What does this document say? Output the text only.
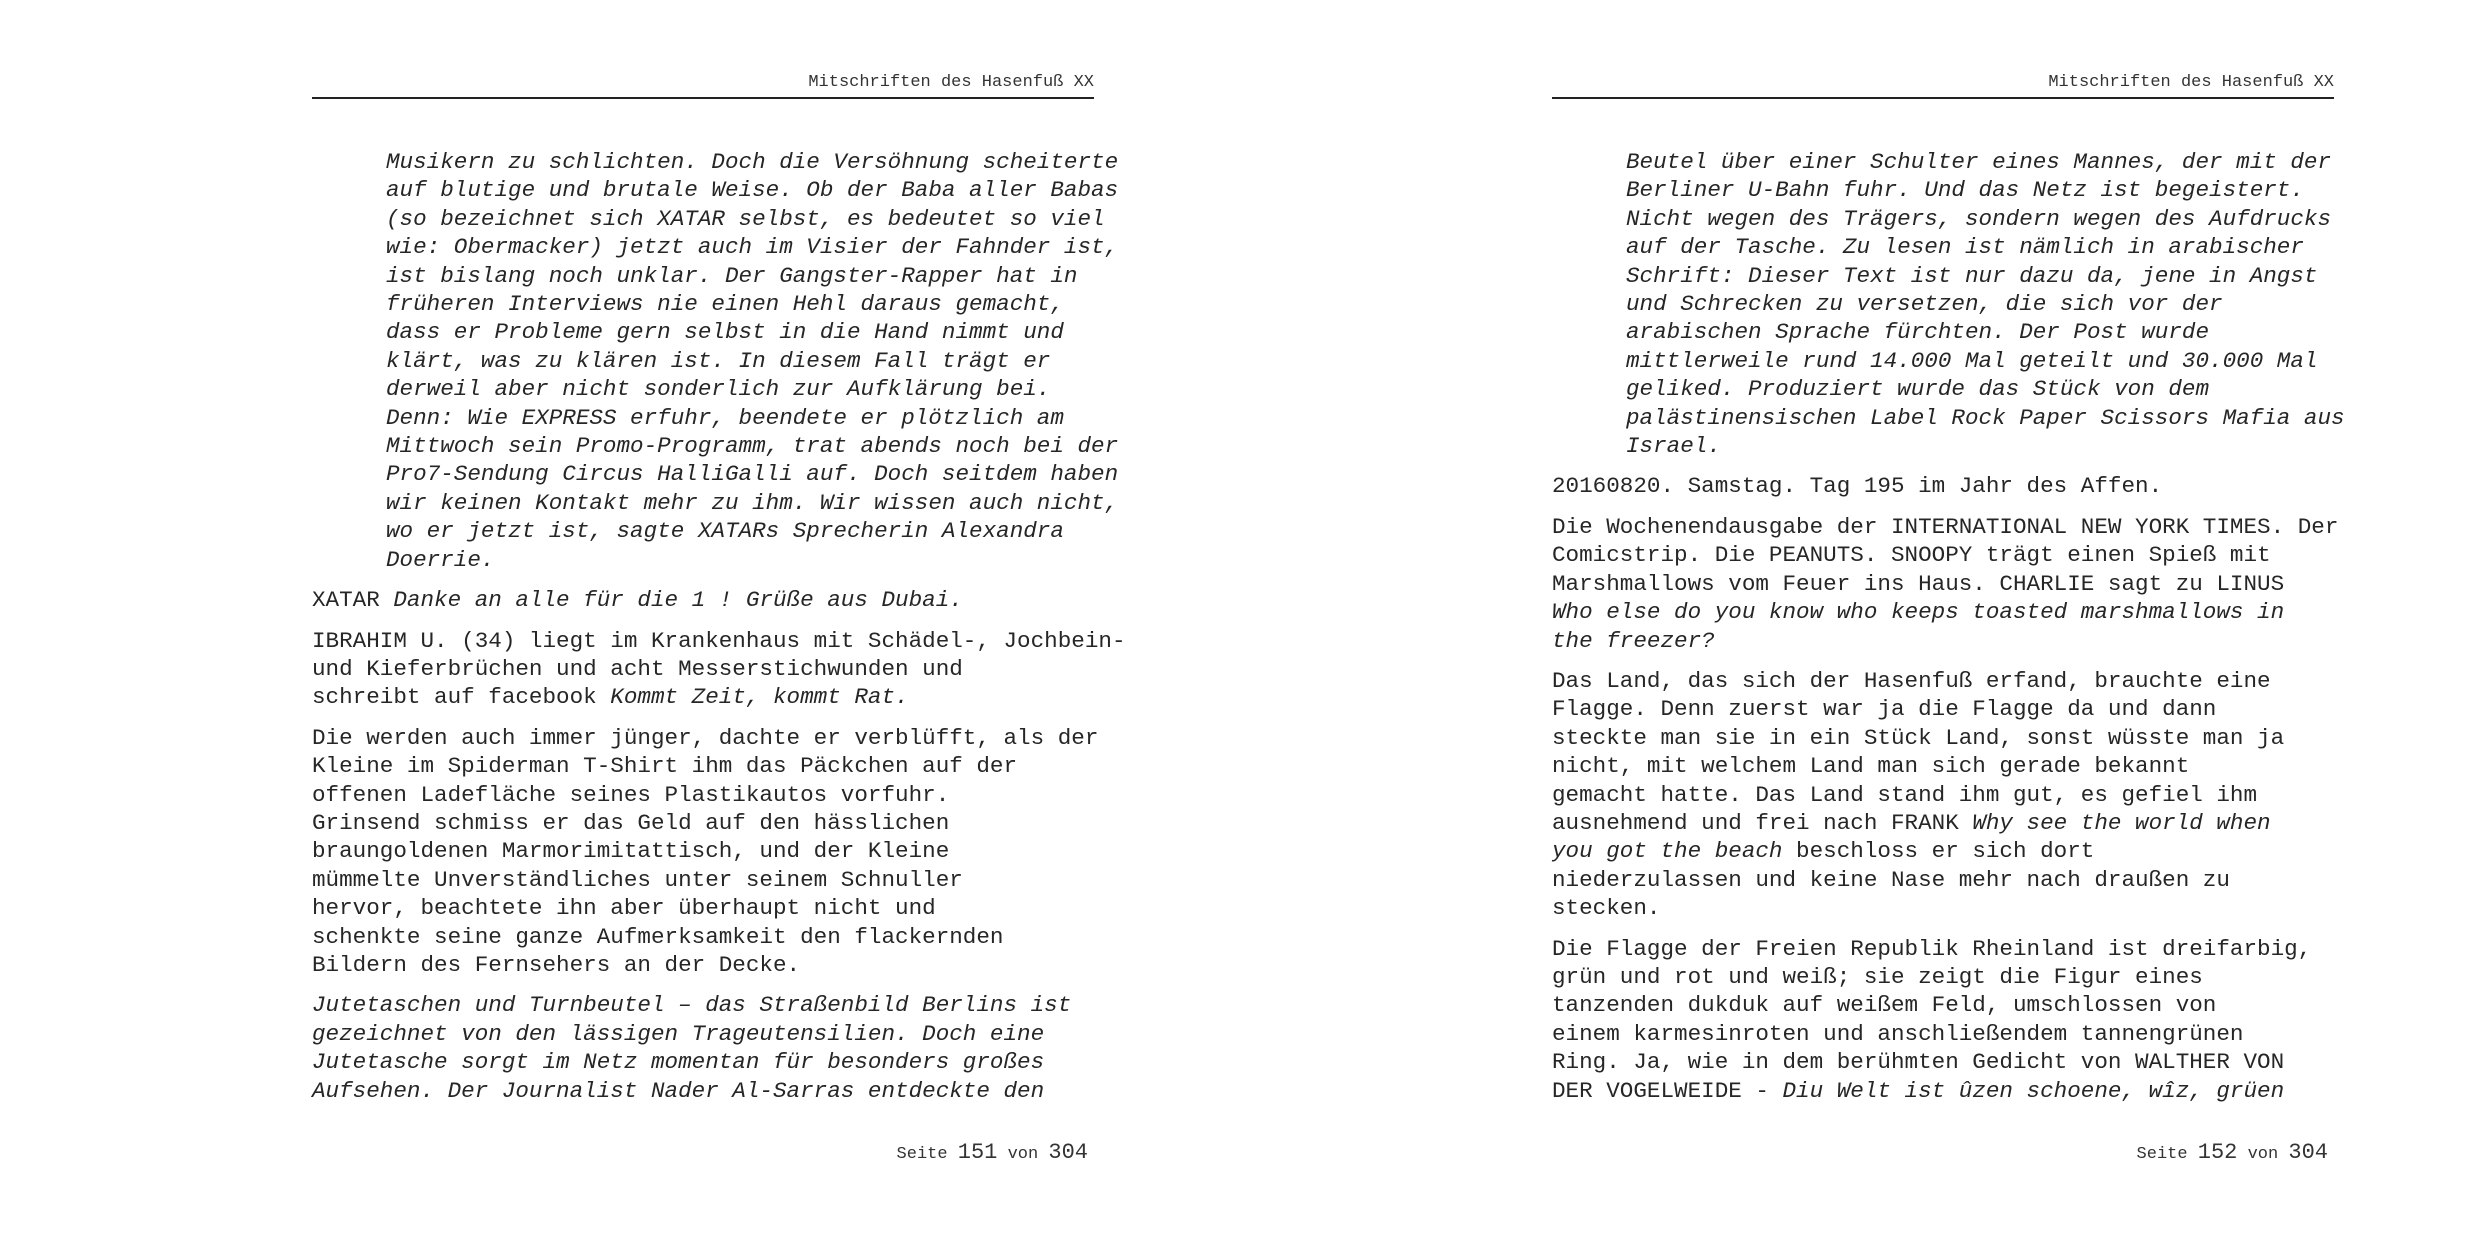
Mitschriften des Hasenfuß XX
Musikern zu schlichten. Doch die Versöhnung scheiterte
auf blutige und brutale Weise. Ob der Baba aller Babas
(so bezeichnet sich XATAR selbst, es bedeutet so viel
wie: Obermacker) jetzt auch im Visier der Fahnder ist,
ist bislang noch unklar. Der Gangster-Rapper hat in
früheren Interviews nie einen Hehl daraus gemacht,
dass er Probleme gern selbst in die Hand nimmt und
klärt, was zu klären ist. In diesem Fall trägt er
derweil aber nicht sonderlich zur Aufklärung bei.
Denn: Wie EXPRESS erfuhr, beendete er plötzlich am
Mittwoch sein Promo-Programm, trat abends noch bei der
Pro7-Sendung Circus HalliGalli auf. Doch seitdem haben
wir keinen Kontakt mehr zu ihm. Wir wissen auch nicht,
wo er jetzt ist, sagte XATARs Sprecherin Alexandra
Doerrie.
XATAR Danke an alle für die 1 ! Grüße aus Dubai.
IBRAHIM U. (34) liegt im Krankenhaus mit Schädel-, Jochbein-
und Kieferbrüchen und acht Messerstichwunden und
schreibt auf facebook Kommt Zeit, kommt Rat.
Die werden auch immer jünger, dachte er verblüfft, als der
Kleine im Spiderman T-Shirt ihm das Päckchen auf der
offenen Ladefläche seines Plastikautos vorfuhr.
Grinsend schmiss er das Geld auf den hässlichen
braungoldenen Marmorimitattisch, und der Kleine
mümmelte Unverständliches unter seinem Schnuller
hervor, beachtete ihn aber überhaupt nicht und
schenkte seine ganze Aufmerksamkeit den flackernden
Bildern des Fernsehers an der Decke.
Jutetaschen und Turnbeutel – das Straßenbild Berlins ist
gezeichnet von den lässigen Trageutensilien. Doch eine
Jutetasche sorgt im Netz momentan für besonders großes
Aufsehen. Der Journalist Nader Al-Sarras entdeckte den
Seite 151 von 304
Mitschriften des Hasenfuß XX
Beutel über einer Schulter eines Mannes, der mit der
Berliner U-Bahn fuhr. Und das Netz ist begeistert.
Nicht wegen des Trägers, sondern wegen des Aufdrucks
auf der Tasche. Zu lesen ist nämlich in arabischer
Schrift: Dieser Text ist nur dazu da, jene in Angst
und Schrecken zu versetzen, die sich vor der
arabischen Sprache fürchten. Der Post wurde
mittlerweile rund 14.000 Mal geteilt und 30.000 Mal
geliked. Produziert wurde das Stück von dem
palästinensischen Label Rock Paper Scissors Mafia aus
Israel.
20160820. Samstag. Tag 195 im Jahr des Affen.
Die Wochenendausgabe der INTERNATIONAL NEW YORK TIMES. Der
Comicstrip. Die PEANUTS. SNOOPY trägt einen Spieß mit
Marshmallows vom Feuer ins Haus. CHARLIE sagt zu LINUS
Who else do you know who keeps toasted marshmallows in
the freezer?
Das Land, das sich der Hasenfuß erfand, brauchte eine
Flagge. Denn zuerst war ja die Flagge da und dann
steckte man sie in ein Stück Land, sonst wüsste man ja
nicht, mit welchem Land man sich gerade bekannt
gemacht hatte. Das Land stand ihm gut, es gefiel ihm
ausnehmend und frei nach FRANK Why see the world when
you got the beach beschloss er sich dort
niederzulassen und keine Nase mehr nach draußen zu
stecken.
Die Flagge der Freien Republik Rheinland ist dreifarbig,
grün und rot und weiß; sie zeigt die Figur eines
tanzenden dukduk auf weißem Feld, umschlossen von
einem karmesinroten und anschließendem tannengrünen
Ring. Ja, wie in dem berühmten Gedicht von WALTHER VON
DER VOGELWEIDE - Diu Welt ist ûzen schoene, wîz, grüen
Seite 152 von 304
